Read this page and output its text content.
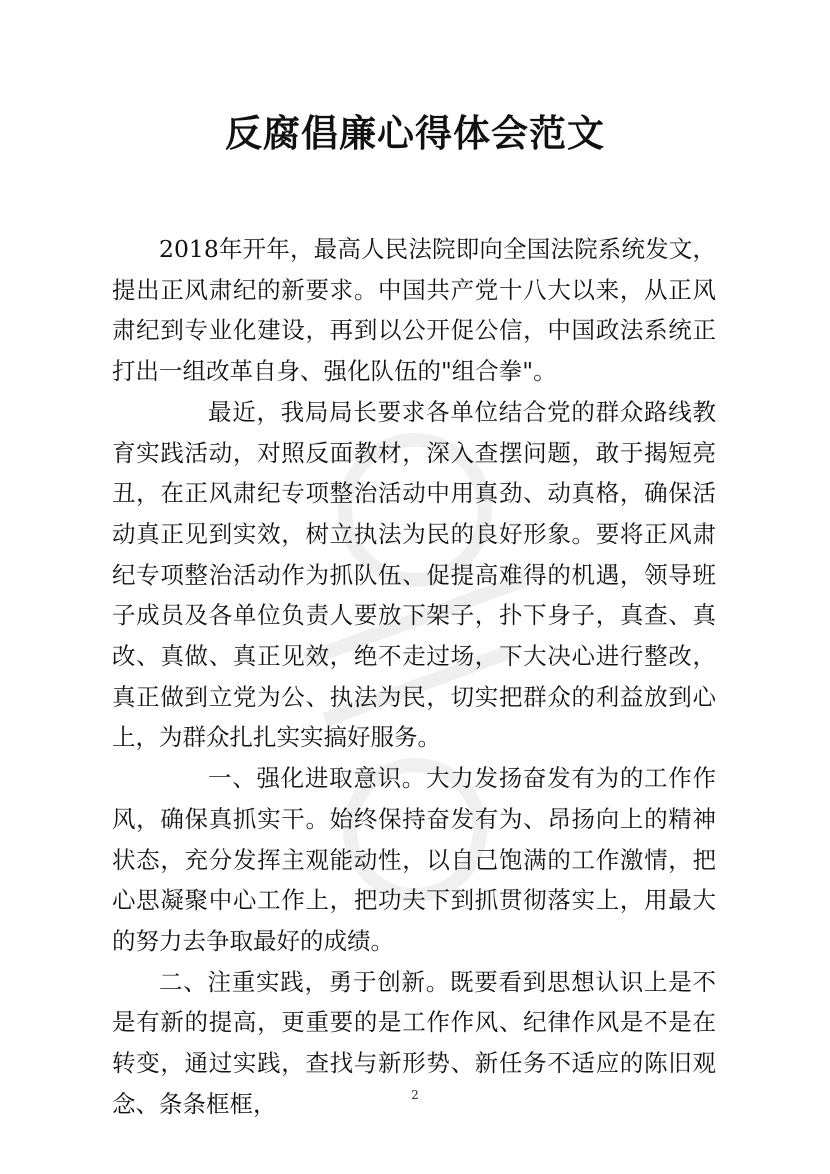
反腐倡廉心得体会范文

2018年开年，最高人民法院即向全国法院系统发文，提出正风肃纪的新要求。中国共产党十八大以来，从正风肃纪到专业化建设，再到以公开促公信，中国政法系统正打出一组改革自身、强化队伍的"组合拳"。

最近，我局局长要求各单位结合党的群众路线教育实践活动，对照反面教材，深入查摆问题，敢于揭短亮丑，在正风肃纪专项整治活动中用真劲、动真格，确保活动真正见到实效，树立执法为民的良好形象。要将正风肃纪专项整治活动作为抓队伍、促提高难得的机遇，领导班子成员及各单位负责人要放下架子，扑下身子，真查、真改、真做、真正见效，绝不走过场，下大决心进行整改，真正做到立党为公、执法为民，切实把群众的利益放到心上，为群众扎扎实实搞好服务。

一、强化进取意识。大力发扬奋发有为的工作作风，确保真抓实干。始终保持奋发有为、昂扬向上的精神状态，充分发挥主观能动性，以自己饱满的工作激情，把心思凝聚中心工作上，把功夫下到抓贯彻落实上，用最大的努力去争取最好的成绩。

二、注重实践，勇于创新。既要看到思想认识上是不是有新的提高，更重要的是工作作风、纪律作风是不是在转变，通过实践，查找与新形势、新任务不适应的陈旧观念、条条框框，	2
